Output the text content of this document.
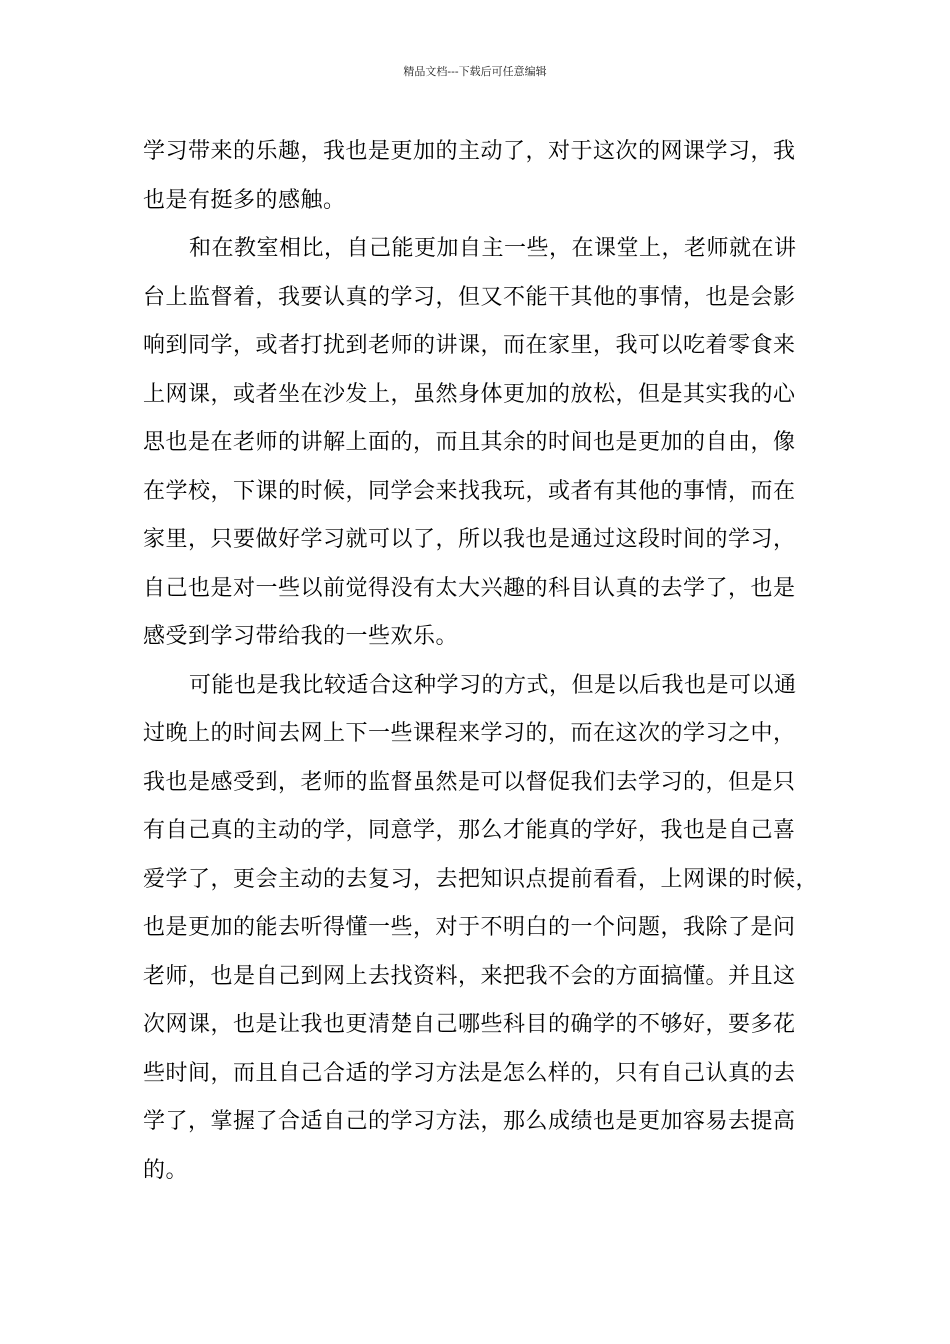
精品文档---下载后可任意编辑
学习带来的乐趣，我也是更加的主动了，对于这次的网课学习，我
也是有挺多的感触。
和在教室相比，自己能更加自主一些，在课堂上，老师就在讲
台上监督着，我要认真的学习，但又不能干其他的事情，也是会影
响到同学，或者打扰到老师的讲课，而在家里，我可以吃着零食来
上网课，或者坐在沙发上，虽然身体更加的放松，但是其实我的心
思也是在老师的讲解上面的，而且其余的时间也是更加的自由，像
在学校，下课的时候，同学会来找我玩，或者有其他的事情，而在
家里，只要做好学习就可以了，所以我也是通过这段时间的学习，
自己也是对一些以前觉得没有太大兴趣的科目认真的去学了，也是
感受到学习带给我的一些欢乐。
可能也是我比较适合这种学习的方式，但是以后我也是可以通
过晚上的时间去网上下一些课程来学习的，而在这次的学习之中，
我也是感受到，老师的监督虽然是可以督促我们去学习的，但是只
有自己真的主动的学，同意学，那么才能真的学好，我也是自己喜
爱学了，更会主动的去复习，去把知识点提前看看，上网课的时候，
也是更加的能去听得懂一些，对于不明白的一个问题，我除了是问
老师，也是自己到网上去找资料，来把我不会的方面搞懂。并且这
次网课，也是让我也更清楚自己哪些科目的确学的不够好，要多花
些时间，而且自己合适的学习方法是怎么样的，只有自己认真的去
学了，掌握了合适自己的学习方法，那么成绩也是更加容易去提高
的。
